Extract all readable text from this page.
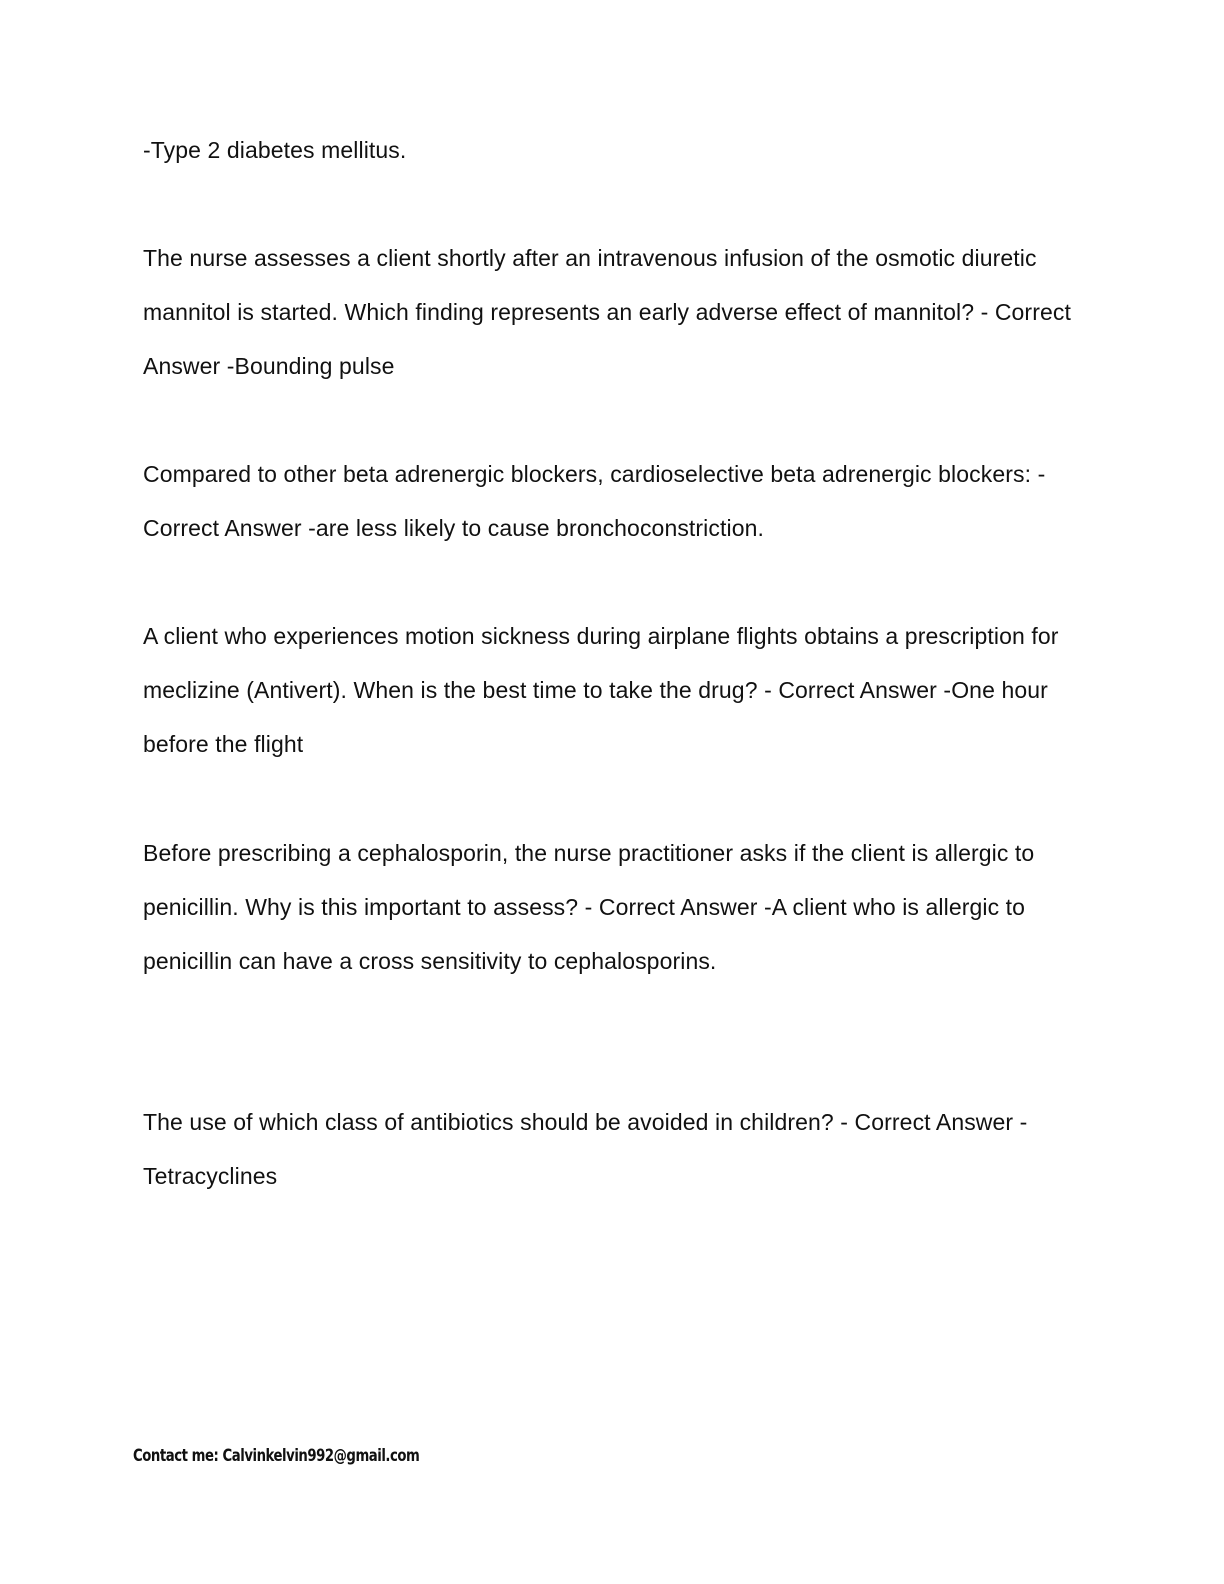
-Type 2 diabetes mellitus.

The nurse assesses a client shortly after an intravenous infusion of the osmotic diuretic mannitol is started. Which finding represents an early adverse effect of mannitol? - Correct Answer -Bounding pulse

Compared to other beta adrenergic blockers, cardioselective beta adrenergic blockers: - Correct Answer -are less likely to cause bronchoconstriction.

A client who experiences motion sickness during airplane flights obtains a prescription for meclizine (Antivert). When is the best time to take the drug? - Correct Answer -One hour before the flight

Before prescribing a cephalosporin, the nurse practitioner asks if the client is allergic to penicillin. Why is this important to assess? - Correct Answer -A client who is allergic to penicillin can have a cross sensitivity to cephalosporins.

The use of which class of antibiotics should be avoided in children? - Correct Answer -Tetracyclines

Contact me: Calvinkelvin992@gmail.com
